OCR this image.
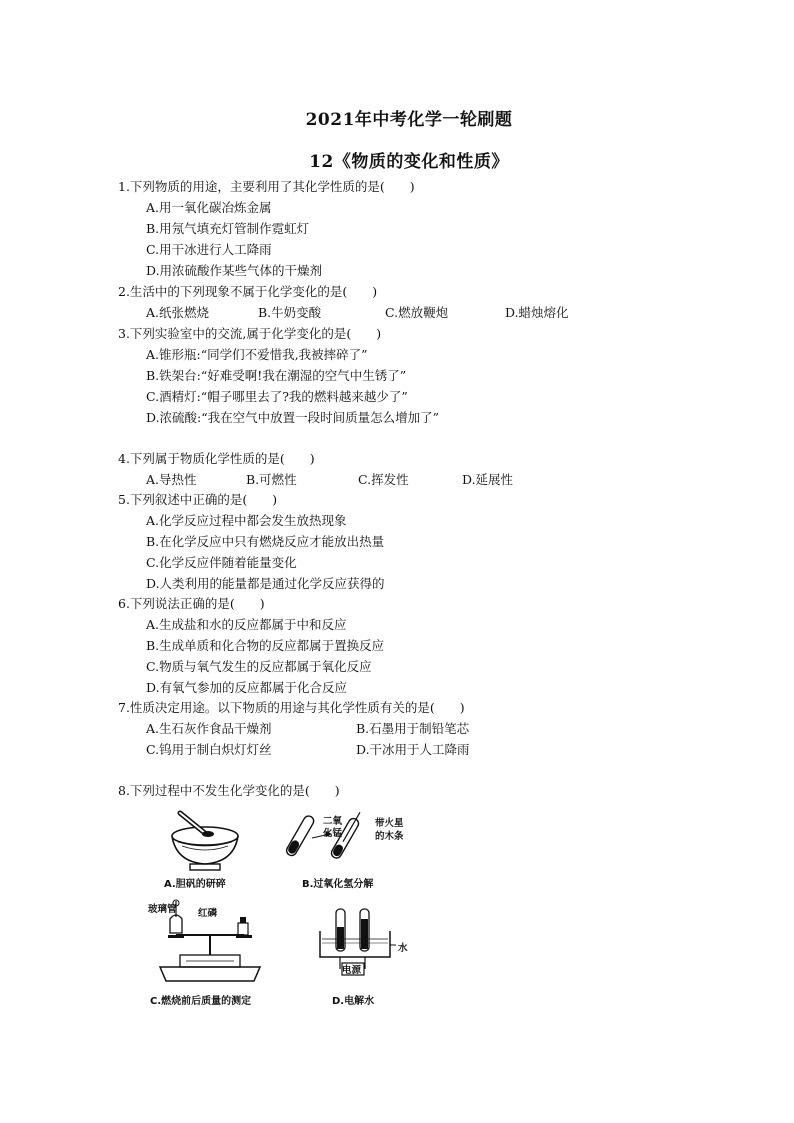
2021年中考化学一轮刷题
12《物质的变化和性质》
1.下列物质的用途，主要利用了其化学性质的是(　　)
A.用一氧化碳冶炼金属
B.用氖气填充灯管制作霓虹灯
C.用干冰进行人工降雨
D.用浓硫酸作某些气体的干燥剂
2.生活中的下列现象不属于化学变化的是(　　)
A.纸张燃烧	B.牛奶变酸	C.燃放鞭炮	D.蜡烛熔化
3.下列实验室中的交流,属于化学变化的是(　　)
A.锥形瓶:“同学们不爱惜我,我被摔碎了”
B.铁架台:“好难受啊!我在潮湿的空气中生锈了”
C.酒精灯:“帽子哪里去了?我的燃料越来越少了”
D.浓硫酸:“我在空气中放置一段时间质量怎么增加了”
4.下列属于物质化学性质的是(　　)
A.导热性	B.可燃性	C.挥发性	D.延展性
5.下列叙述中正确的是(　　)
A.化学反应过程中都会发生放热现象
B.在化学反应中只有燃烧反应才能放出热量
C.化学反应伴随着能量变化
D.人类利用的能量都是通过化学反应获得的
6.下列说法正确的是(　　)
A.生成盐和水的反应都属于中和反应
B.生成单质和化合物的反应都属于置换反应
C.物质与氧气发生的反应都属于氧化反应
D.有氧气参加的反应都属于化合反应
7.性质决定用途。以下物质的用途与其化学性质有关的是(　　)
A.生石灰作食品干燥剂	B.石墨用于制铅笔芯
C.钨用于制白炽灯灯丝	D.干冰用于人工降雨
8.下列过程中不发生化学变化的是(　　)
A.胆矾的研碎
二氧
化锰
带火星
的木条
B.过氧化氢分解
玻璃管 红磷
C.燃烧前后质量的测定
水
电源
D.电解水
